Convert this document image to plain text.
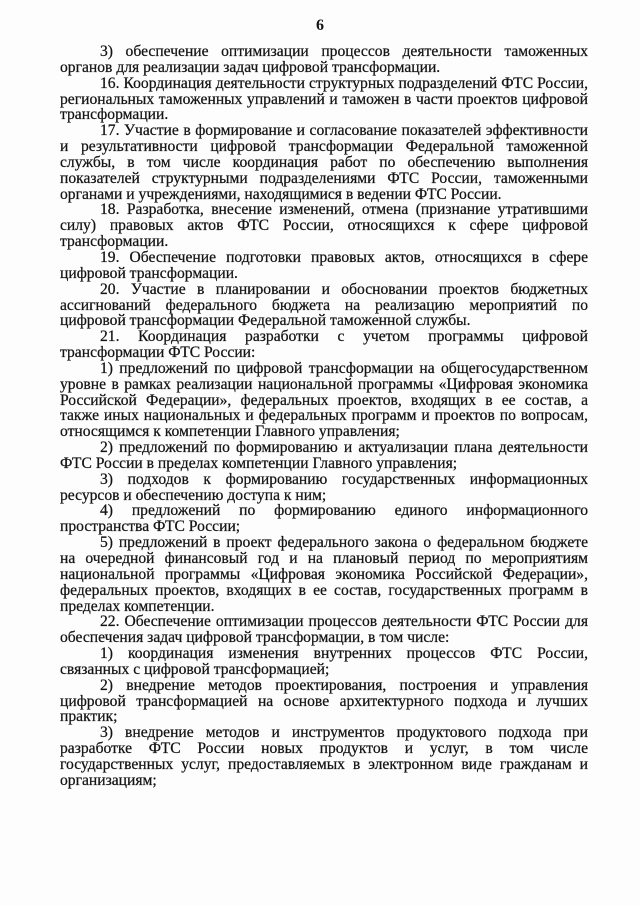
6

3) обеспечение оптимизации процессов деятельности таможенных органов для реализации задач цифровой трансформации.

16. Координация деятельности структурных подразделений ФТС России, региональных таможенных управлений и таможен в части проектов цифровой трансформации.

17. Участие в формирование и согласование показателей эффективности и результативности цифровой трансформации Федеральной таможенной службы, в том числе координация работ по обеспечению выполнения показателей структурными подразделениями ФТС России, таможенными органами и учреждениями, находящимися в ведении ФТС России.

18. Разработка, внесение изменений, отмена (признание утратившими силу) правовых актов ФТС России, относящихся к сфере цифровой трансформации.

19. Обеспечение подготовки правовых актов, относящихся в сфере цифровой трансформации.

20. Участие в планировании и обосновании проектов бюджетных ассигнований федерального бюджета на реализацию мероприятий по цифровой трансформации Федеральной таможенной службы.

21. Координация разработки с учетом программы цифровой трансформации ФТС России:

1) предложений по цифровой трансформации на общегосударственном уровне в рамках реализации национальной программы «Цифровая экономика Российской Федерации», федеральных проектов, входящих в ее состав, а также иных национальных и федеральных программ и проектов по вопросам, относящимся к компетенции Главного управления;

2) предложений по формированию и актуализации плана деятельности ФТС России в пределах компетенции Главного управления;

3) подходов к формированию государственных информационных ресурсов и обеспечению доступа к ним;

4) предложений по формированию единого информационного пространства ФТС России;

5) предложений в проект федерального закона о федеральном бюджете на очередной финансовый год и на плановый период по мероприятиям национальной программы «Цифровая экономика Российской Федерации», федеральных проектов, входящих в ее состав, государственных программ в пределах компетенции.

22. Обеспечение оптимизации процессов деятельности ФТС России для обеспечения задач цифровой трансформации, в том числе:

1) координация изменения внутренних процессов ФТС России, связанных с цифровой трансформацией;

2) внедрение методов проектирования, построения и управления цифровой трансформацией на основе архитектурного подхода и лучших практик;

3) внедрение методов и инструментов продуктового подхода при разработке ФТС России новых продуктов и услуг, в том числе государственных услуг, предоставляемых в электронном виде гражданам и организациям;
